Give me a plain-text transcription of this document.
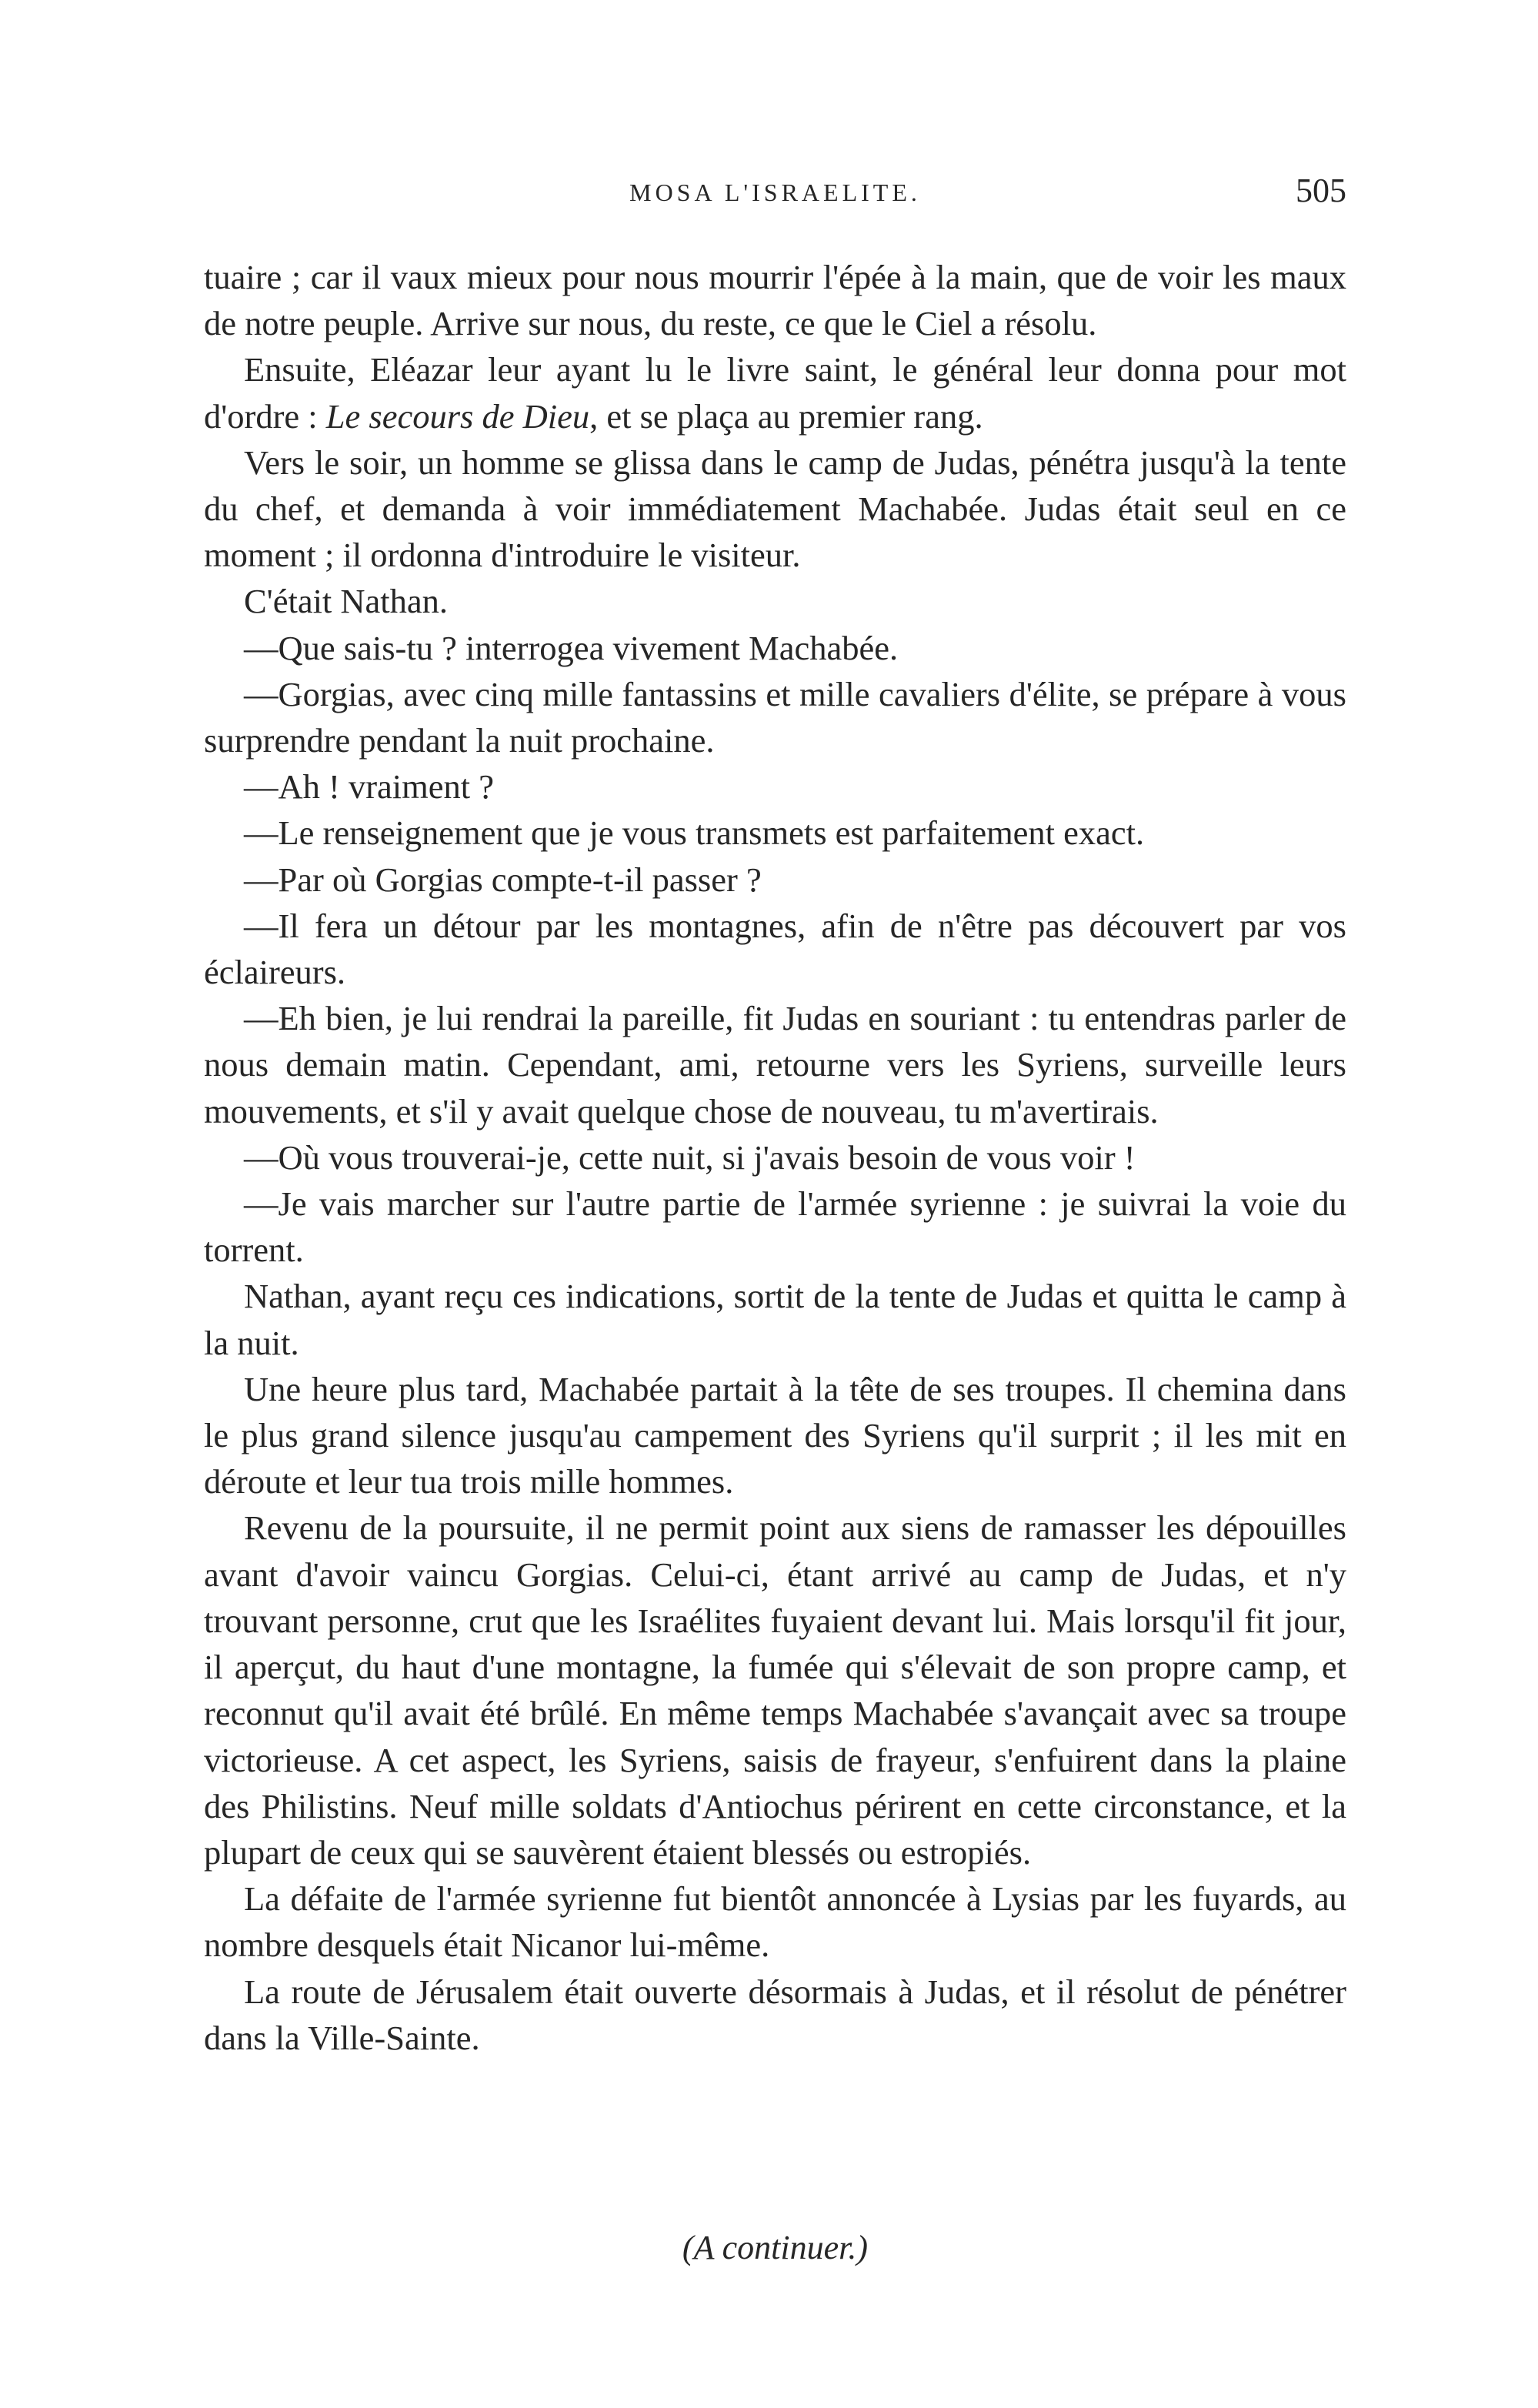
MOSA L'ISRAELITE.	505

tuaire ; car il vaux mieux pour nous mourrir l'épée à la main, que de voir les maux de notre peuple. Arrive sur nous, du reste, ce que le Ciel a résolu.

Ensuite, Eléazar leur ayant lu le livre saint, le général leur donna pour mot d'ordre : Le secours de Dieu, et se plaça au premier rang.

Vers le soir, un homme se glissa dans le camp de Judas, pénétra jusqu'à la tente du chef, et demanda à voir immédiatement Machabée. Judas était seul en ce moment ; il ordonna d'introduire le visiteur.

C'était Nathan.

—Que sais-tu ? interrogea vivement Machabée.

—Gorgias, avec cinq mille fantassins et mille cavaliers d'élite, se prépare à vous surprendre pendant la nuit prochaine.

—Ah ! vraiment ?

—Le renseignement que je vous transmets est parfaitement exact.

—Par où Gorgias compte-t-il passer ?

—Il fera un détour par les montagnes, afin de n'être pas découvert par vos éclaireurs.

—Eh bien, je lui rendrai la pareille, fit Judas en souriant : tu entendras parler de nous demain matin. Cependant, ami, retourne vers les Syriens, surveille leurs mouvements, et s'il y avait quelque chose de nouveau, tu m'avertirais.

—Où vous trouverai-je, cette nuit, si j'avais besoin de vous voir !

—Je vais marcher sur l'autre partie de l'armée syrienne : je suivrai la voie du torrent.

Nathan, ayant reçu ces indications, sortit de la tente de Judas et quitta le camp à la nuit.

Une heure plus tard, Machabée partait à la tête de ses troupes. Il chemina dans le plus grand silence jusqu'au campement des Syriens qu'il surprit ; il les mit en déroute et leur tua trois mille hommes.

Revenu de la poursuite, il ne permit point aux siens de ramasser les dépouilles avant d'avoir vaincu Gorgias. Celui-ci, étant arrivé au camp de Judas, et n'y trouvant personne, crut que les Israélites fuyaient devant lui. Mais lorsqu'il fit jour, il aperçut, du haut d'une montagne, la fumée qui s'élevait de son propre camp, et reconnut qu'il avait été brûlé. En même temps Machabée s'avançait avec sa troupe victorieuse. A cet aspect, les Syriens, saisis de frayeur, s'enfuirent dans la plaine des Philistins. Neuf mille soldats d'Antiochus périrent en cette circonstance, et la plupart de ceux qui se sauvèrent étaient blessés ou estropiés.

La défaite de l'armée syrienne fut bientôt annoncée à Lysias par les fuyards, au nombre desquels était Nicanor lui-même.

La route de Jérusalem était ouverte désormais à Judas, et il résolut de pénétrer dans la Ville-Sainte.

(A continuer.)
